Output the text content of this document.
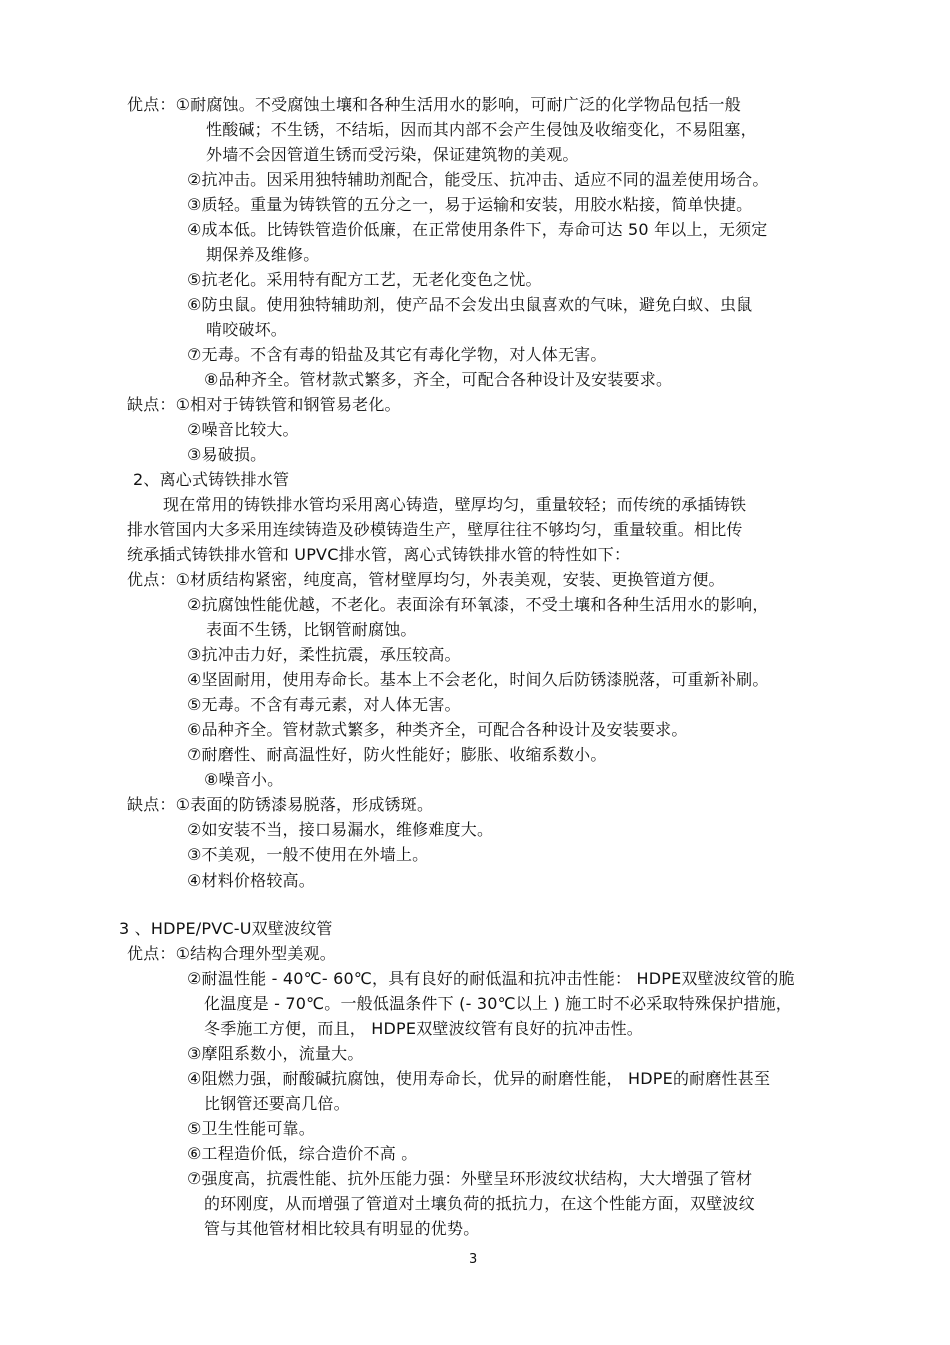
优点：①耐腐蚀。不受腐蚀土壤和各种生活用水的影响，可耐广泛的化学物品包括一般
性酸碱；不生锈，不结垢，因而其内部不会产生侵蚀及收缩变化，不易阻塞，
外墙不会因管道生锈而受污染，保证建筑物的美观。
②抗冲击。因采用独特辅助剂配合，能受压、抗冲击、适应不同的温差使用场合。
③质轻。重量为铸铁管的五分之一，易于运输和安装，用胶水粘接，简单快捷。
④成本低。比铸铁管造价低廉，在正常使用条件下，寿命可达 50 年以上，无须定
期保养及维修。
⑤抗老化。采用特有配方工艺，无老化变色之忧。
⑥防虫鼠。使用独特辅助剂，使产品不会发出虫鼠喜欢的气味，避免白蚁、虫鼠
啃咬破坏。
⑦无毒。不含有毒的铅盐及其它有毒化学物，对人体无害。
⑧品种齐全。管材款式繁多，齐全，可配合各种设计及安装要求。
缺点：①相对于铸铁管和钢管易老化。
②噪音比较大。
③易破损。
2、离心式铸铁排水管
现在常用的铸铁排水管均采用离心铸造，壁厚均匀，重量较轻；而传统的承插铸铁
排水管国内大多采用连续铸造及砂模铸造生产，壁厚往往不够均匀，重量较重。相比传
统承插式铸铁排水管和 UPVC排水管，离心式铸铁排水管的特性如下：
优点：①材质结构紧密，纯度高，管材壁厚均匀，外表美观，安装、更换管道方便。
②抗腐蚀性能优越，不老化。表面涂有环氧漆，不受土壤和各种生活用水的影响，
表面不生锈，比钢管耐腐蚀。
③抗冲击力好，柔性抗震，承压较高。
④坚固耐用，使用寿命长。基本上不会老化，时间久后防锈漆脱落，可重新补刷。
⑤无毒。不含有毒元素，对人体无害。
⑥品种齐全。管材款式繁多，种类齐全，可配合各种设计及安装要求。
⑦耐磨性、耐高温性好，防火性能好；膨胀、收缩系数小。
⑧噪音小。
缺点：①表面的防锈漆易脱落，形成锈斑。
②如安装不当，接口易漏水，维修难度大。
③不美观，一般不使用在外墙上。
④材料价格较高。
3 、HDPE/PVC-U双壁波纹管
优点：①结构合理外型美观。
②耐温性能 - 40℃- 60℃，具有良好的耐低温和抗冲击性能： HDPE双壁波纹管的脆
化温度是 - 70℃。一般低温条件下 (- 30℃以上 ) 施工时不必采取特殊保护措施，
冬季施工方便，而且， HDPE双壁波纹管有良好的抗冲击性。
③摩阻系数小，流量大。
④阻燃力强，耐酸碱抗腐蚀，使用寿命长，优异的耐磨性能， HDPE的耐磨性甚至
比钢管还要高几倍。
⑤卫生性能可靠。
⑥工程造价低，综合造价不高 。
⑦强度高，抗震性能、抗外压能力强：外壁呈环形波纹状结构，大大增强了管材
的环刚度，从而增强了管道对土壤负荷的抵抗力，在这个性能方面，双壁波纹
管与其他管材相比较具有明显的优势。
3
